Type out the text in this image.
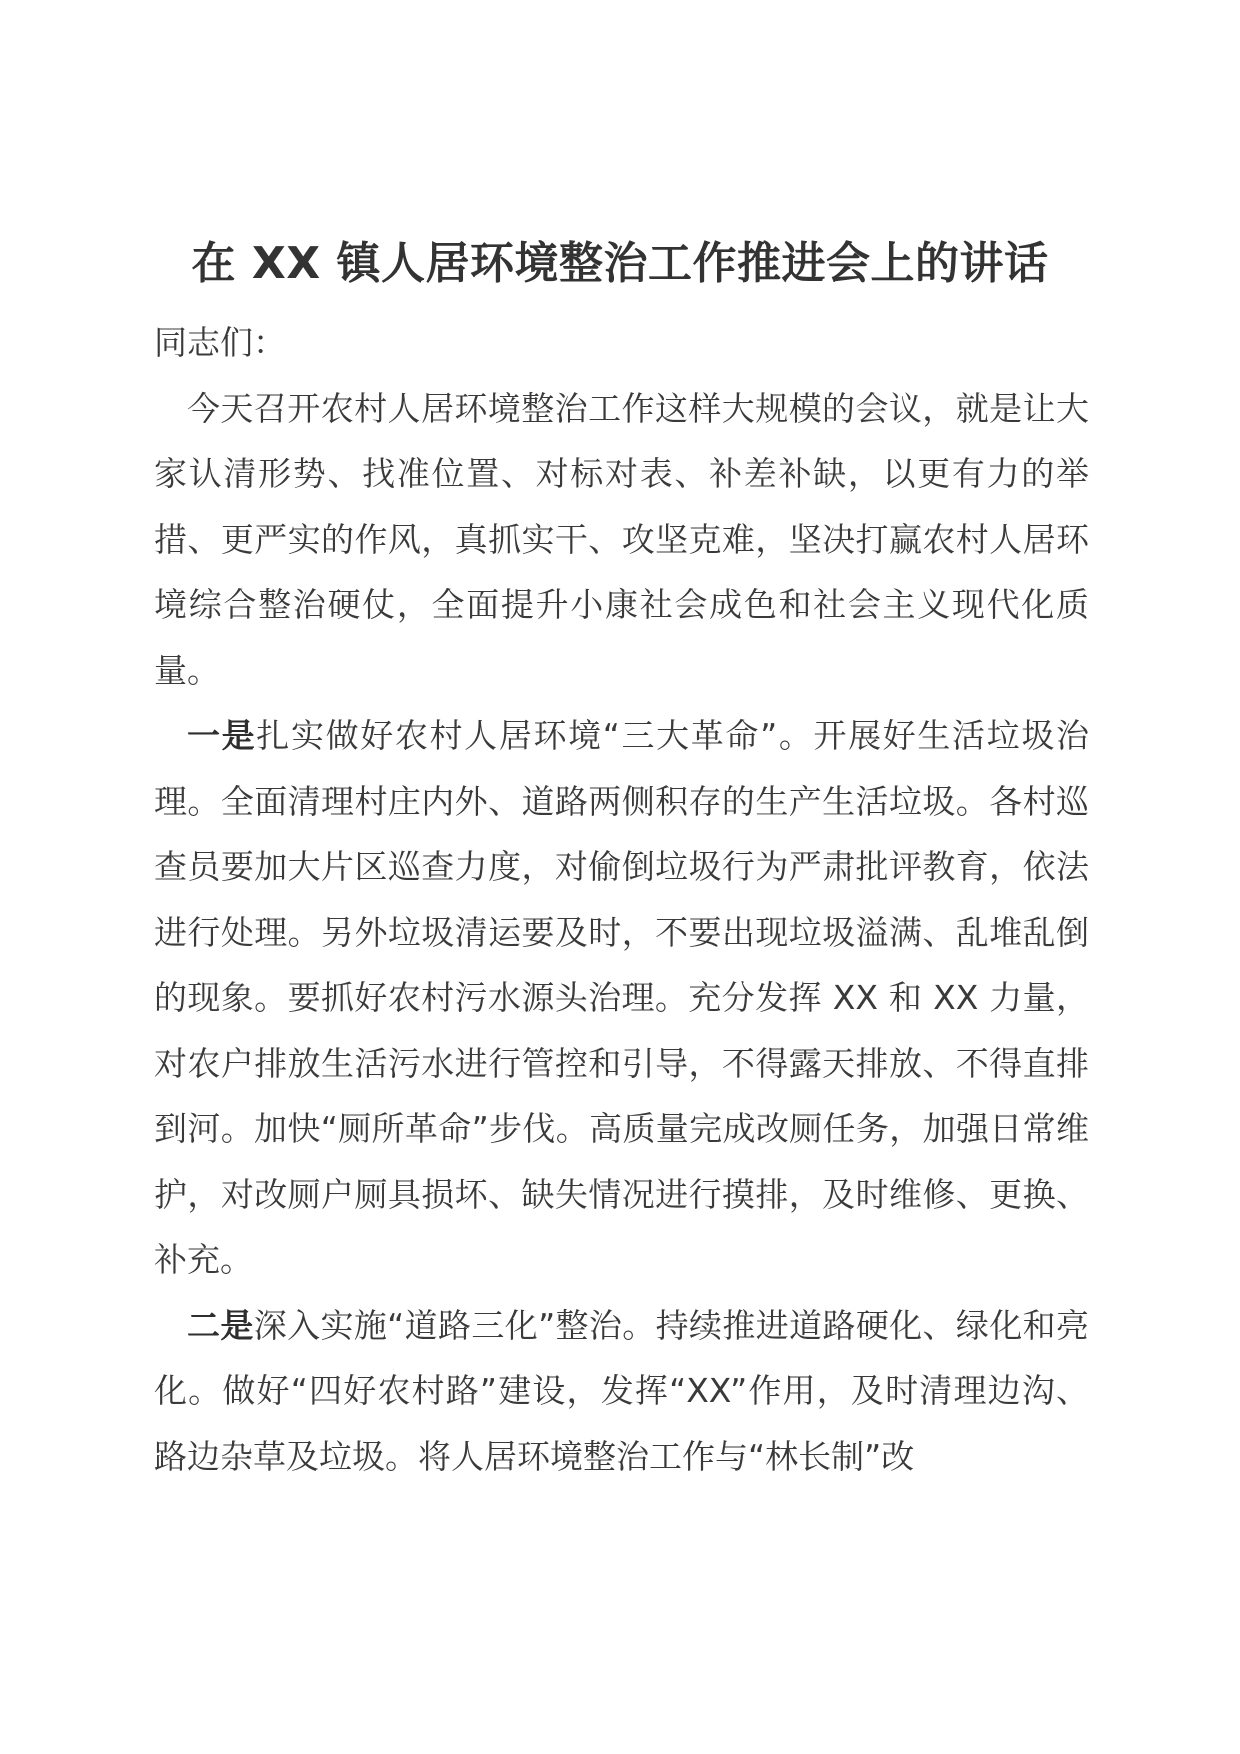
在 XX 镇人居环境整治工作推进会上的讲话

同志们：

今天召开农村人居环境整治工作这样大规模的会议，就是让大家认清形势、找准位置、对标对表、补差补缺，以更有力的举措、更严实的作风，真抓实干、攻坚克难，坚决打赢农村人居环境综合整治硬仗，全面提升小康社会成色和社会主义现代化质量。

一是扎实做好农村人居环境“三大革命”。开展好生活垃圾治理。全面清理村庄内外、道路两侧积存的生产生活垃圾。各村巡查员要加大片区巡查力度，对偷倒垃圾行为严肃批评教育，依法进行处理。另外垃圾清运要及时，不要出现垃圾溢满、乱堆乱倒的现象。要抓好农村污水源头治理。充分发挥 XX 和 XX 力量，对农户排放生活污水进行管控和引导，不得露天排放、不得直排到河。加快“厕所革命”步伐。高质量完成改厕任务，加强日常维护，对改厕户厕具损坏、缺失情况进行摸排，及时维修、更换、补充。

二是深入实施“道路三化”整治。持续推进道路硬化、绿化和亮化。做好“四好农村路”建设，发挥“XX”作用，及时清理边沟、路边杂草及垃圾。将人居环境整治工作与“林长制”改
